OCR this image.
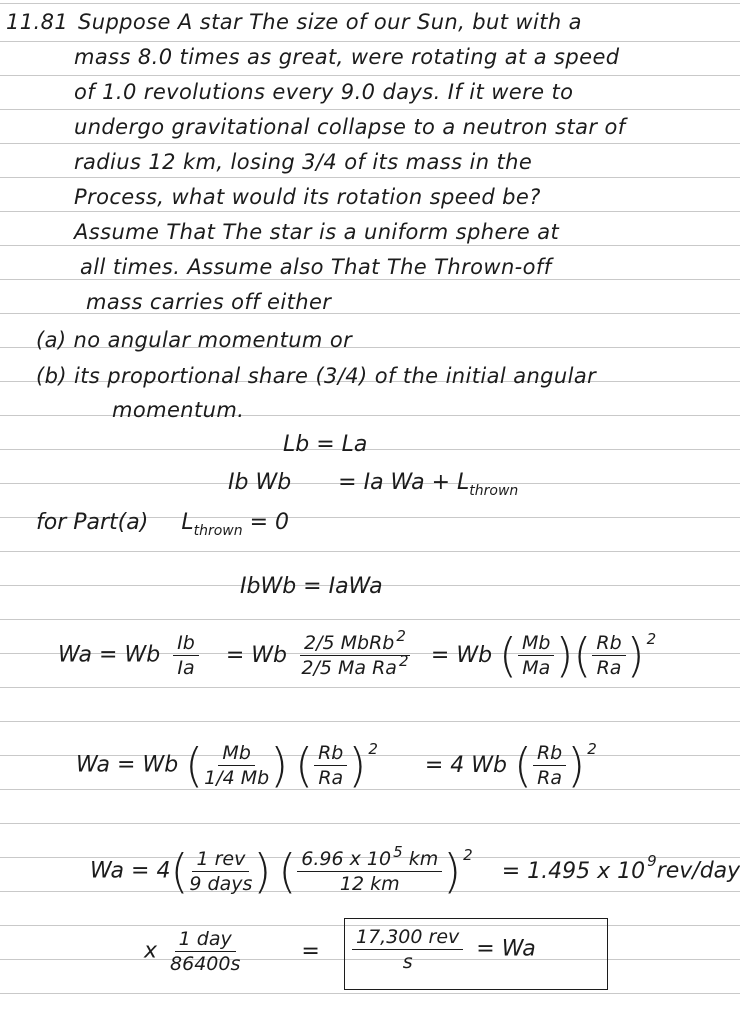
11.81 Suppose A star The size of our Sun, but with a
mass 8.0 times as great, were rotating at a speed
of 1.0 revolutions every 9.0 days. If it were to
undergo gravitational collapse to a neutron star of
radius 12 km, losing 3/4 of its mass in the
Process, what would its rotation speed be?
Assume That The star is a uniform sphere at
all times. Assume also That The Thrown-off
mass carries off either
(a) no angular momentum or
(b) its proportional share (3/4) of the initial angular
momentum.
Lb = La
Ib Wb = Ia $Wa + L_{thrown}$
for Part(a) $L_{thrown} = 0$
IbWb = IaWa
Wa = Wb $\frac{Ib}{Ia} = Wb \frac{2/5 MbRb ^2}{2/5 Ma Ra ^2} = Wb$ ( $\frac{Mb}{Ma}$ )( $\frac{Rb}{Ra}$ ) $^2$
Wa = Wb ( $\frac{Mb}{1/4 Mb}$ ) ( $\frac{Rb}{Ra}$ ) $^2$ = 4 Wb ( $\frac{Rb}{Ra}$ ) $^2$
$Wa = 4( \frac{\text{1 rev}}{\text{9 days}}$ ) ( $\frac{6.96 x 10 ^5 km}{12 km}$ ) $^2$ = 1.495 x 10 $^9$rev/day
x $\frac{\text{1 day}}{86400s}$	= $\frac{\text{17,300 rev}}{s} = Wa$
